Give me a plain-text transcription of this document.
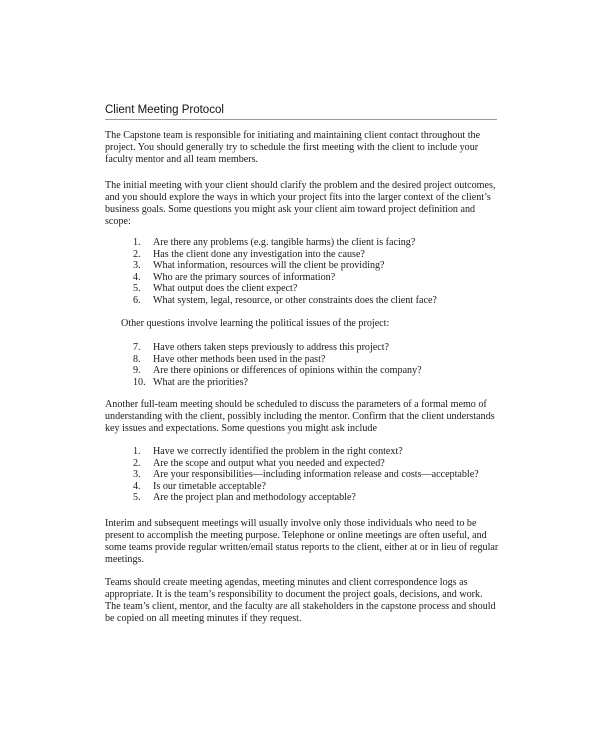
Client Meeting Protocol

The Capstone team is responsible for initiating and maintaining client contact throughout the project. You should generally try to schedule the first meeting with the client to include your faculty mentor and all team members.

The initial meeting with your client should clarify the problem and the desired project outcomes, and you should explore the ways in which your project fits into the larger context of the client’s business goals. Some questions you might ask your client aim toward project definition and scope:

1.	Are there any problems (e.g. tangible harms) the client is facing?
2.	Has the client done any investigation into the cause?
3.	What information, resources will the client be providing?
4.	Who are the primary sources of information?
5.	What output does the client expect?
6.	What system, legal, resource, or other constraints does the client face?

Other questions involve learning the political issues of the project:

7.	Have others taken steps previously to address this project?
8.	Have other methods been used in the past?
9.	Are there opinions or differences of opinions within the company?
10. What are the priorities?

Another full-team meeting should be scheduled to discuss the parameters of a formal memo of understanding with the client, possibly including the mentor. Confirm that the client understands key issues and expectations. Some questions you might ask include

1.	Have we correctly identified the problem in the right context?
2.	Are the scope and output what you needed and expected?
3.	Are your responsibilities—including information release and costs—acceptable?
4.	Is our timetable acceptable?
5.	Are the project plan and methodology acceptable?

Interim and subsequent meetings will usually involve only those individuals who need to be present to accomplish the meeting purpose. Telephone or online meetings are often useful, and some teams provide regular written/email status reports to the client, either at or in lieu of regular meetings.

Teams should create meeting agendas, meeting minutes and client correspondence logs as appropriate. It is the team’s responsibility to document the project goals, decisions, and work. The team’s client, mentor, and the faculty are all stakeholders in the capstone process and should be copied on all meeting minutes if they request.
